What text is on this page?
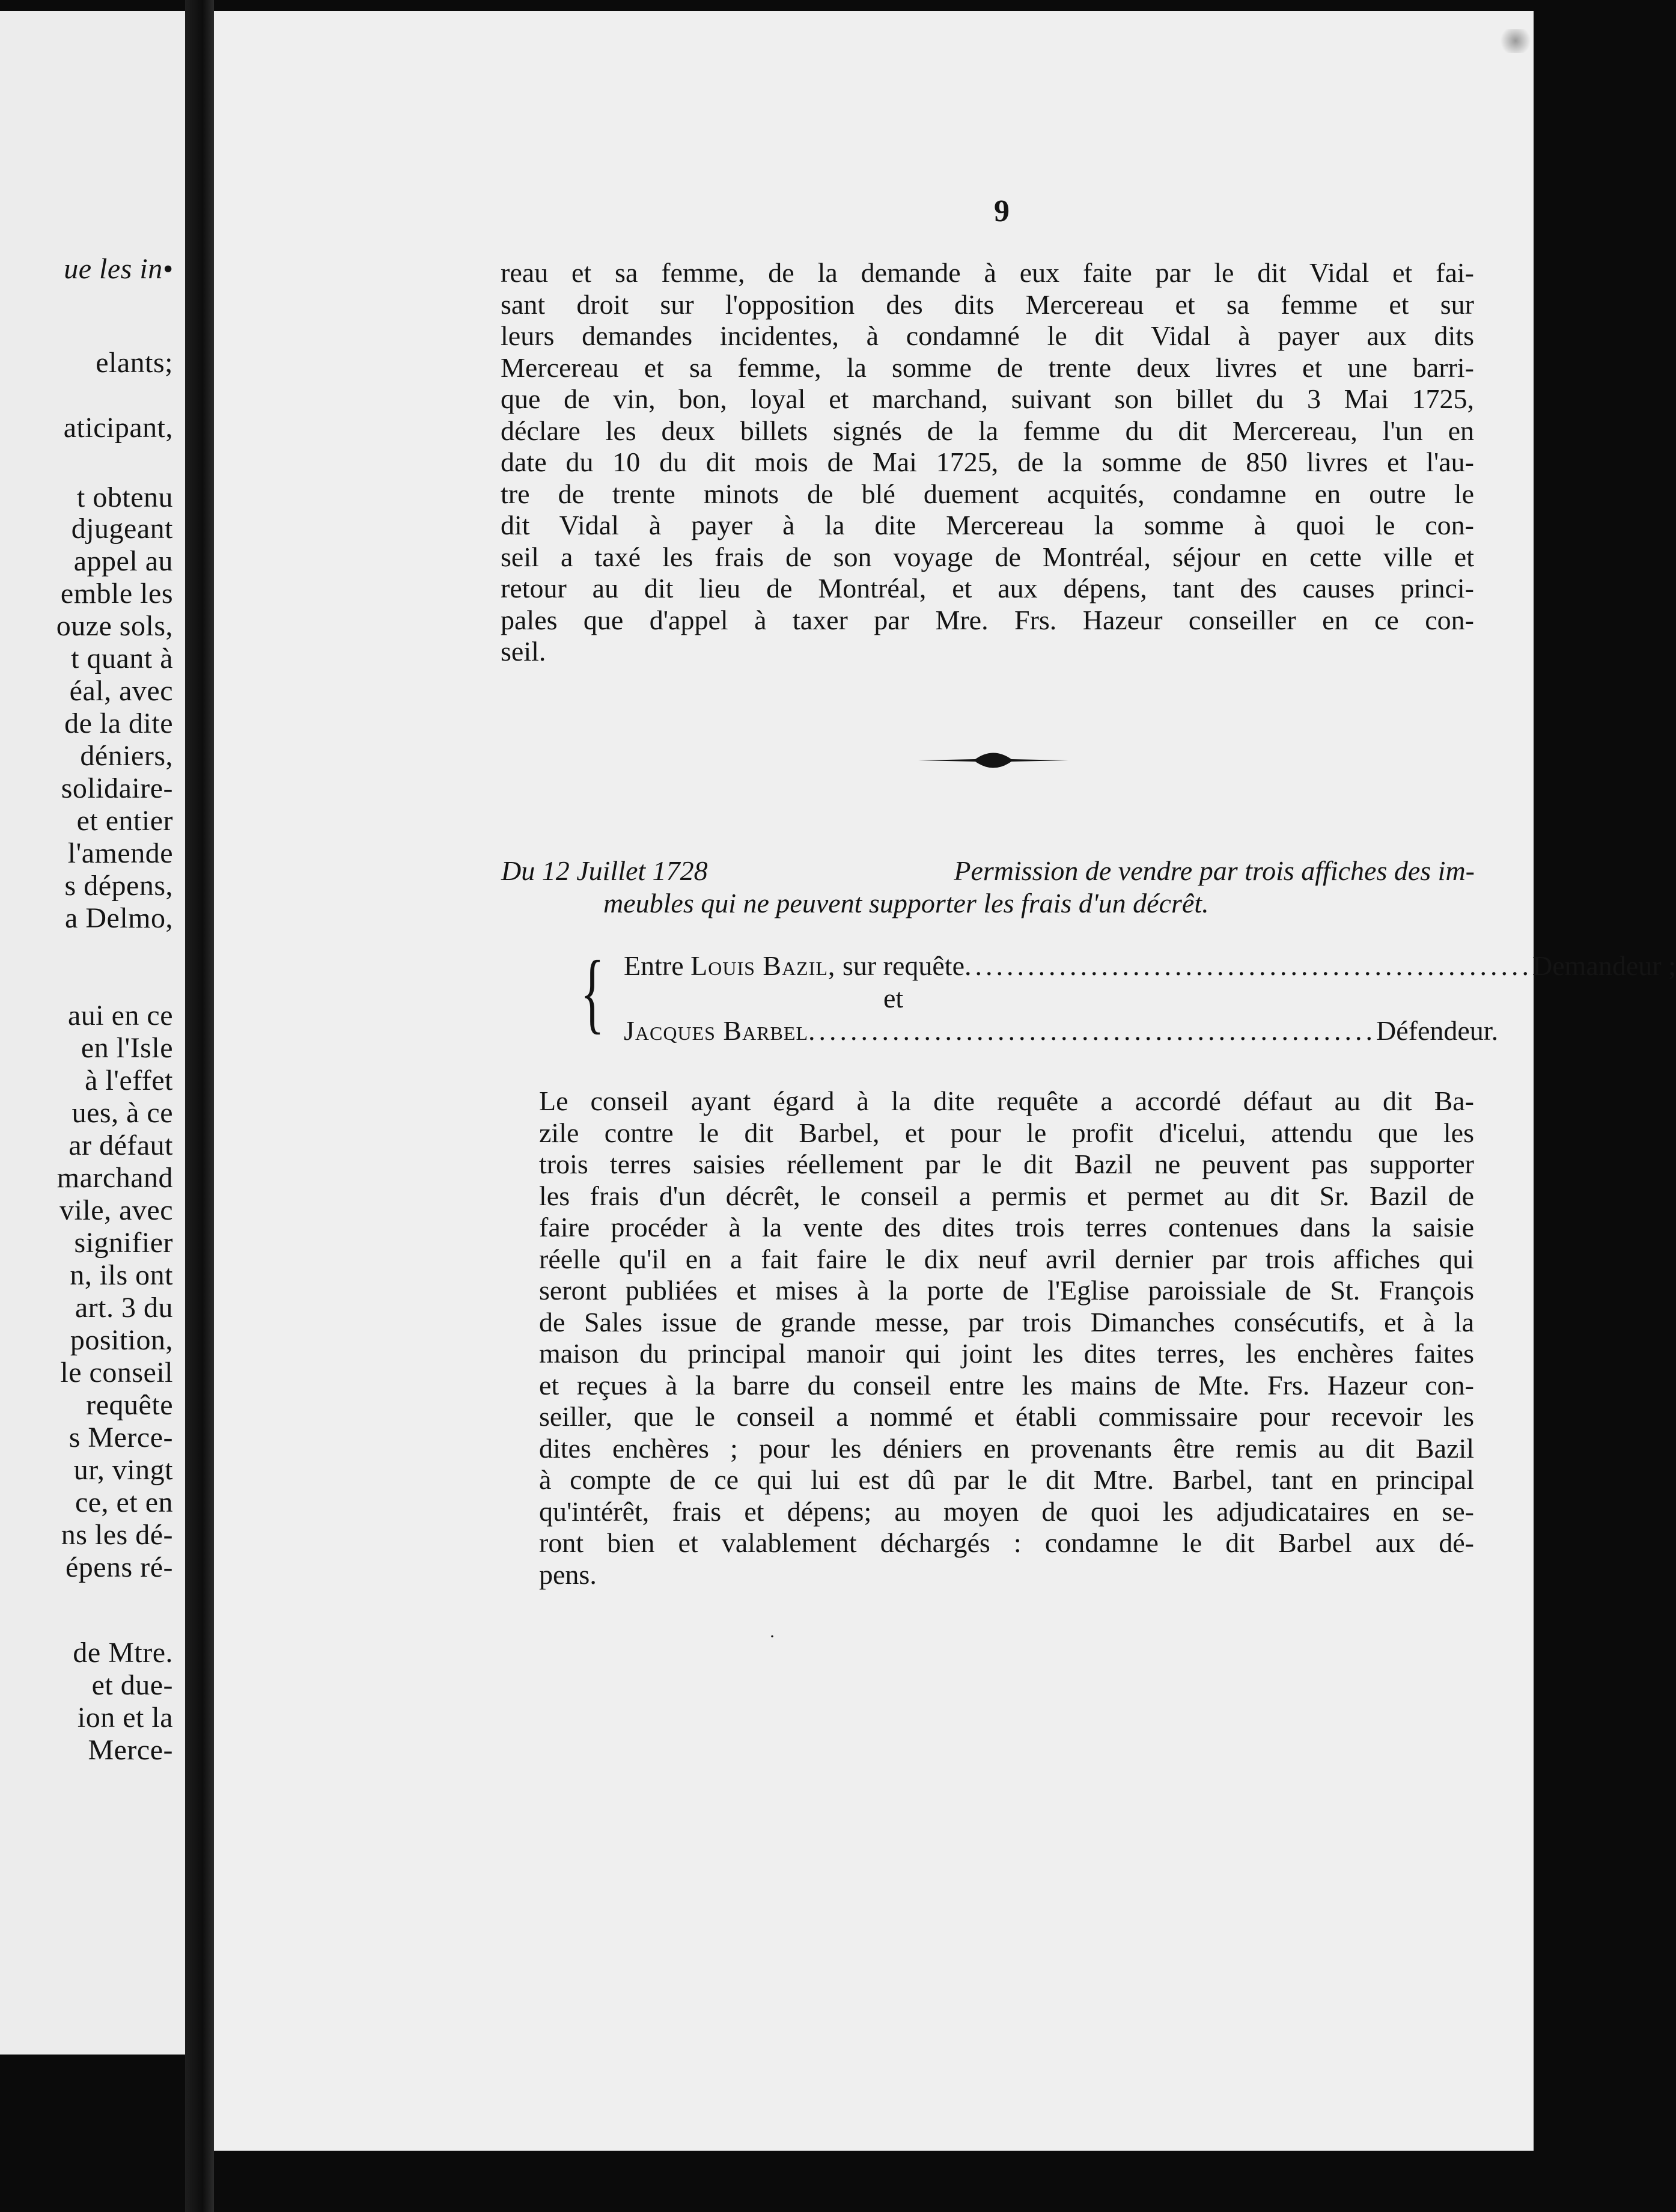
ue les in•
elants;
aticipant,
t obtenu
djugeant
appel au
emble les
ouze sols,
t quant à
éal, avec
de la dite
déniers,
solidaire-
et entier
l'amende
s dépens,
a Delmo,
aui en ce
en l'Isle
à l'effet
ues, à ce
ar défaut
marchand
vile, avec
signifier
n, ils ont
art. 3 du
position,
le conseil
requête
s Merce-
ur, vingt
ce, et en
ns les dé-
épens ré-
de Mtre.
et due-
ion et la
Merce-
9
reau et sa femme, de la demande à eux faite par le dit Vidal et fai-
sant droit sur l'opposition des dits Mercereau et sa femme et sur
leurs demandes incidentes, à condamné le dit Vidal à payer aux dits
Mercereau et sa femme, la somme de trente deux livres et une barri-
que de vin, bon, loyal et marchand, suivant son billet du 3 Mai 1725,
déclare les deux billets signés de la femme du dit Mercereau, l'un en
date du 10 du dit mois de Mai 1725, de la somme de 850 livres et l'au-
tre de trente minots de blé duement acquités, condamne en outre le
dit Vidal à payer à la dite Mercereau la somme à quoi le con-
seil a taxé les frais de son voyage de Montréal, séjour en cette ville et
retour au dit lieu de Montréal, et aux dépens, tant des causes princi-
pales que d'appel à taxer par Mre. Frs. Hazeur conseiller en ce con-
seil.
Du 12 Juillet 1728	Permission de vendre par trois affiches des im-
meubles qui ne peuvent supporter les frais d'un décrêt.
{ Entre Louis Bazil, sur requête ...................................................... Demandeur ;
et
Jacques Barbel ...................................................... Défendeur.
Le conseil ayant égard à la dite requête a accordé défaut au dit Ba-
zile contre le dit Barbel, et pour le profit d'icelui, attendu que les
trois terres saisies réellement par le dit Bazil ne peuvent pas supporter
les frais d'un décrêt, le conseil a permis et permet au dit Sr. Bazil de
faire procéder à la vente des dites trois terres contenues dans la saisie
réelle qu'il en a fait faire le dix neuf avril dernier par trois affiches qui
seront publiées et mises à la porte de l'Eglise paroissiale de St. François
de Sales issue de grande messe, par trois Dimanches consécutifs, et à la
maison du principal manoir qui joint les dites terres, les enchères faites
et reçues à la barre du conseil entre les mains de Mte. Frs. Hazeur con-
seiller, que le conseil a nommé et établi commissaire pour recevoir les
dites enchères ; pour les déniers en provenants être remis au dit Bazil
à compte de ce qui lui est dû par le dit Mtre. Barbel, tant en principal
qu'intérêt, frais et dépens; au moyen de quoi les adjudicataires en se-
ront bien et valablement déchargés : condamne le dit Barbel aux dé-
pens.
·
